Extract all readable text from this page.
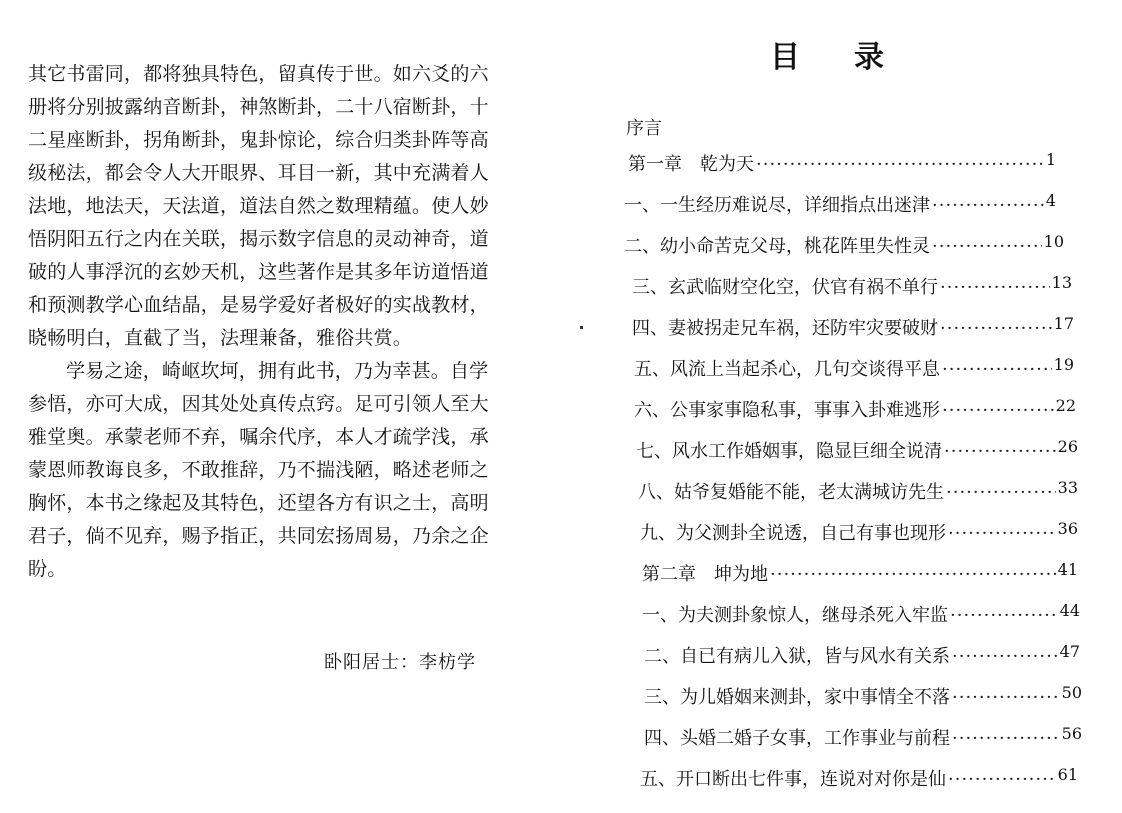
其它书雷同，都将独具特色，留真传于世。如六爻的六
册将分别披露纳音断卦，神煞断卦，二十八宿断卦，十
二星座断卦，拐角断卦，鬼卦惊论，综合归类卦阵等高
级秘法，都会令人大开眼界、耳目一新，其中充满着人
法地，地法天，天法道，道法自然之数理精蕴。使人妙
悟阴阳五行之内在关联，揭示数字信息的灵动神奇，道
破的人事浮沉的玄妙天机，这些著作是其多年访道悟道
和预测教学心血结晶，是易学爱好者极好的实战教材，
晓畅明白，直截了当，法理兼备，雅俗共赏。

学易之途，崎岖坎坷，拥有此书，乃为幸甚。自学
参悟，亦可大成，因其处处真传点窍。足可引领人至大
雅堂奥。承蒙老师不弃，嘱余代序，本人才疏学浅，承
蒙恩师教诲良多，不敢推辞，乃不揣浅陋，略述老师之
胸怀，本书之缘起及其特色，还望各方有识之士，高明
君子，倘不见弃，赐予指正，共同宏扬周易，乃余之企
盼。

卧阳居士：李枋学
目 录
序言
第一章 乾为天 ·····	1
一、一生经历难说尽，详细指点出迷津 ·····	4
二、幼小命苦克父母，桃花阵里失性灵 ·····	10
三、玄武临财空化空，伏官有祸不单行 ·····	13
四、妻被拐走兄车祸，还防牢灾要破财 ·····	17
五、风流上当起杀心，几句交谈得平息 ·····	19
六、公事家事隐私事，事事入卦难逃形 ·····	22
七、风水工作婚姻事，隐显巨细全说清 ·····	26
八、姑爷复婚能不能，老太满城访先生 ·····	33
九、为父测卦全说透，自己有事也现形 ·····	36
第二章 坤为地 ·····	41
一、为夫测卦象惊人，继母杀死入牢监 ·····	44
二、自已有病儿入狱，皆与风水有关系 ·····	47
三、为儿婚姻来测卦，家中事情全不落 ·····	50
四、头婚二婚子女事，工作事业与前程 ·····	56
五、开口断出七件事，连说对对你是仙 ·····	61
